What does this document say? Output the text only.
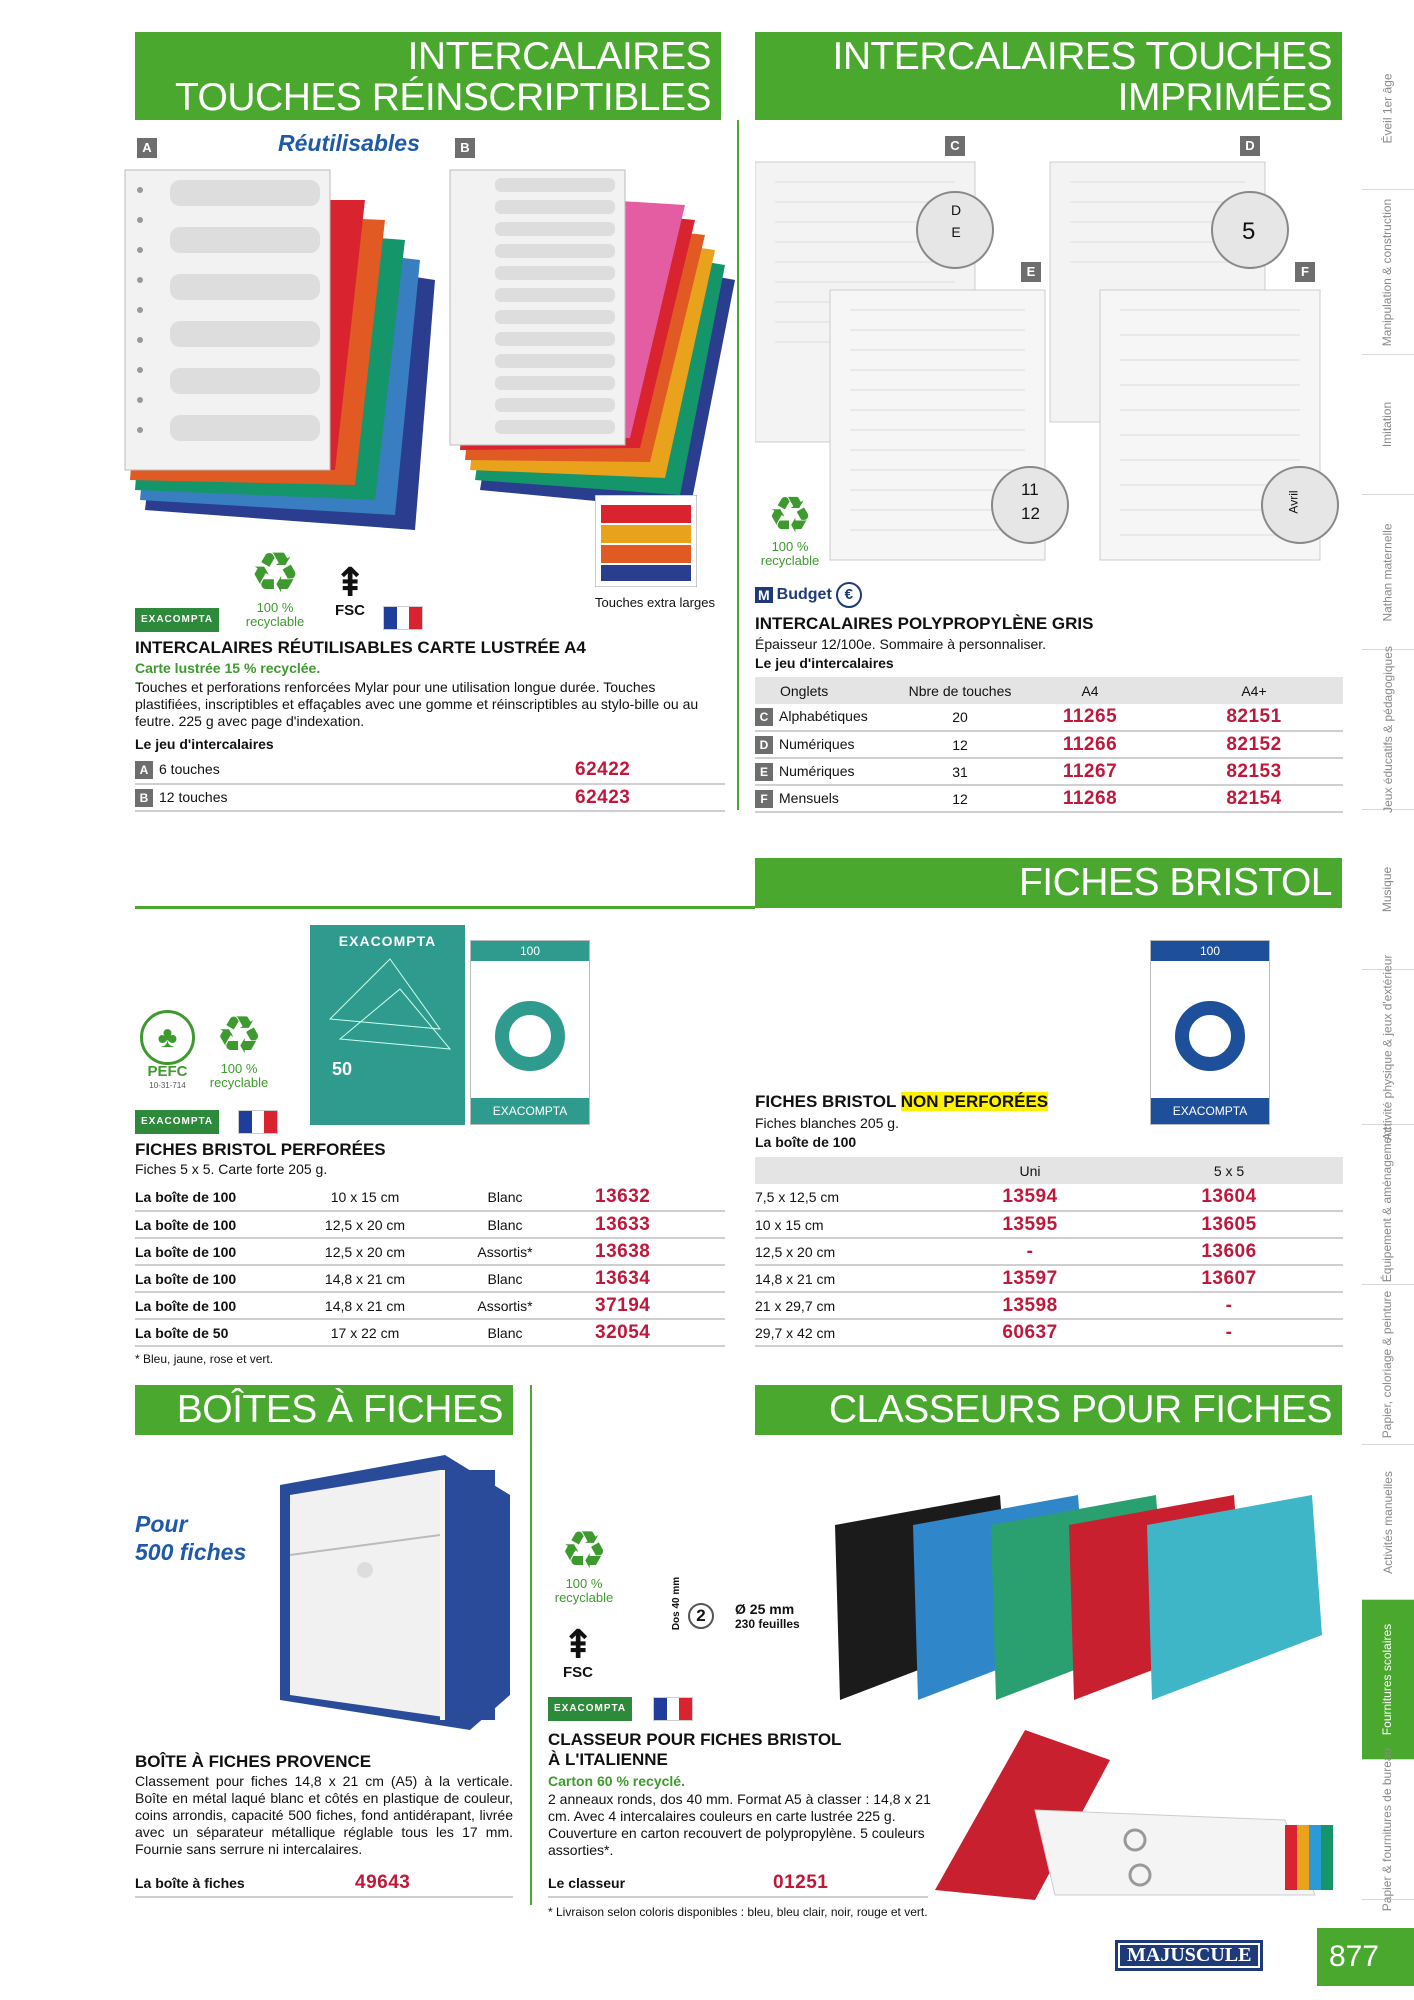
Éveil 1er âge
Manipulation & construction
Imitation
Nathan maternelle
Jeux éducatifs & pédagogiques
Musique
Activité physique & jeux d'extérieur
Équipement & aménagement
Papier, coloriage & peinture
Activités manuelles
Fournitures scolaires
Papier & fournitures de bureau
INTERCALAIRES
TOUCHES RÉINSCRIPTIBLES
A	B
Réutilisables
Touches extra larges
♻
100 % recyclable
EXACOMPTA
⇞
FSC
INTERCALAIRES RÉUTILISABLES CARTE LUSTRÉE A4
Carte lustrée 15 % recyclée.
Touches et perforations renforcées Mylar pour une utilisation longue durée. Touches plastifiées, inscriptibles et effaçables avec une gomme et réinscriptibles au stylo-bille ou au feutre. 225 g avec page d'indexation.
Le jeu d'intercalaires
A 6 touches	62422
B 12 touches	62423
INTERCALAIRES TOUCHES
IMPRIMÉES
C	D
E	F
D
E	5
11
12	Avril
♻
100 % recyclable
M Budget €
INTERCALAIRES POLYPROPYLÈNE GRIS
Épaisseur 12/100e. Sommaire à personnaliser.
Le jeu d'intercalaires
Onglets	Nbre de touches	A4	A4+
C Alphabétiques	20	11265	82151
D Numériques	12	11266	82152
E Numériques	31	11267	82153
F Mensuels	12	11268	82154
FICHES BRISTOL
♣
PEFC
10-31-714
♻
100 % recyclable
EXACOMPTA
EXACOMPTA
50
100
EXACOMPTA
100
EXACOMPTA
FICHES BRISTOL PERFORÉES
Fiches 5 x 5. Carte forte 205 g.
La boîte de 100	10 x 15 cm	Blanc	13632
La boîte de 100	12,5 x 20 cm	Blanc	13633
La boîte de 100	12,5 x 20 cm	Assortis*	13638
La boîte de 100	14,8 x 21 cm	Blanc	13634
La boîte de 100	14,8 x 21 cm	Assortis*	37194
La boîte de 50	17 x 22 cm	Blanc	32054
* Bleu, jaune, rose et vert.
FICHES BRISTOL NON PERFORÉES
Fiches blanches 205 g.
La boîte de 100
	Uni	5 x 5
7,5 x 12,5 cm	13594	13604
10 x 15 cm	13595	13605
12,5 x 20 cm	-	13606
14,8 x 21 cm	13597	13607
21 x 29,7 cm	13598	-
29,7 x 42 cm	60637	-
BOÎTES À FICHES
Pour
500 fiches
BOÎTE À FICHES PROVENCE
Classement pour fiches 14,8 x 21 cm (A5) à la verticale. Boîte en métal laqué blanc et côtés en plastique de couleur, coins arrondis, capacité 500 fiches, fond antidérapant, livrée avec un séparateur métallique réglable tous les 17 mm. Fournie sans serrure ni intercalaires.
La boîte à fiches	49643
CLASSEURS POUR FICHES
♻
100 % recyclable
⇞
FSC
EXACOMPTA
Dos 40 mm 2	Ø 25 mm
230 feuilles
CLASSEUR POUR FICHES BRISTOL
À L'ITALIENNE
Carton 60 % recyclé.
2 anneaux ronds, dos 40 mm. Format A5 à classer : 14,8 x 21 cm. Avec 4 intercalaires couleurs en carte lustrée 225 g. Couverture en carton recouvert de polypropylène. 5 couleurs assorties*.
Le classeur	01251
* Livraison selon coloris disponibles : bleu, bleu clair, noir, rouge et vert.
MAJUSCULE	877
